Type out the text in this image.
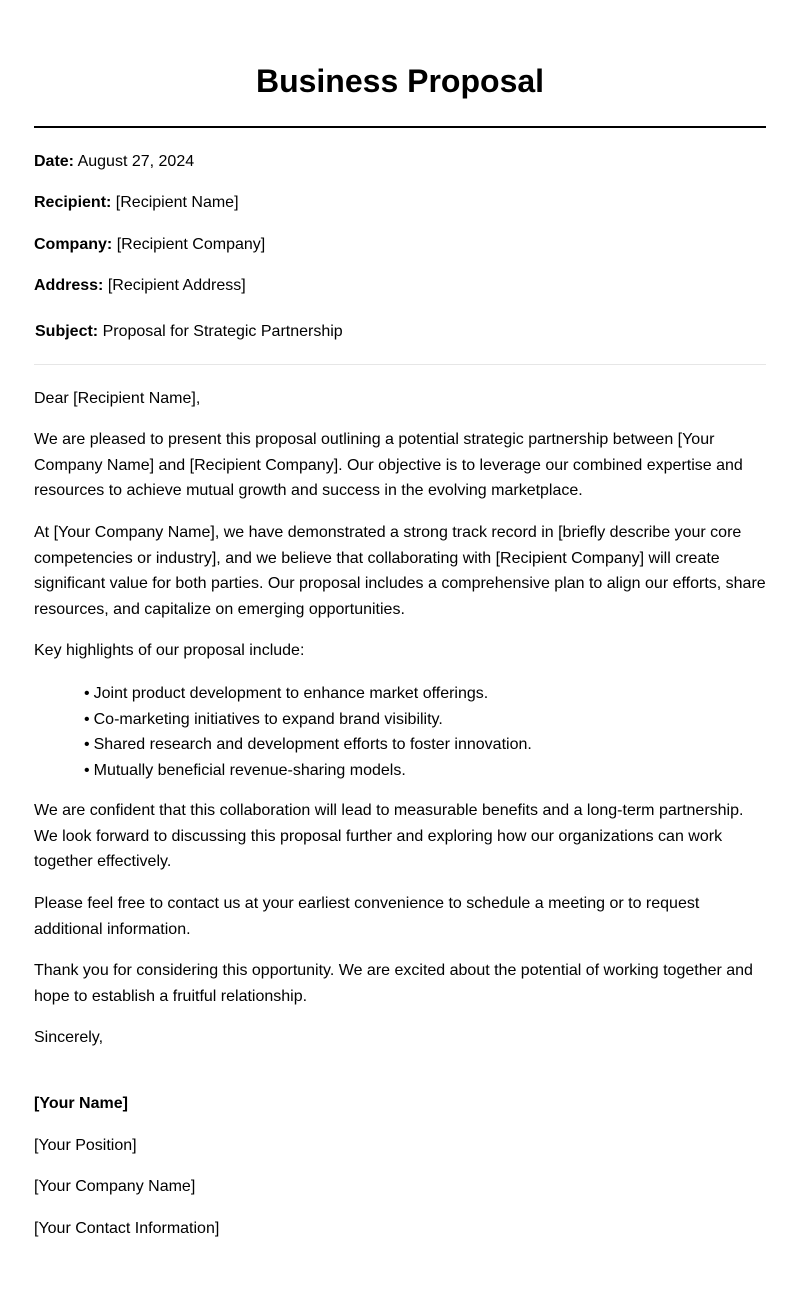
Business Proposal
Date: August 27, 2024
Recipient: [Recipient Name]
Company: [Recipient Company]
Address: [Recipient Address]
Subject: Proposal for Strategic Partnership

Dear [Recipient Name],

We are pleased to present this proposal outlining a potential strategic partnership between [Your Company Name] and [Recipient Company]. Our objective is to leverage our combined expertise and resources to achieve mutual growth and success in the evolving marketplace.

At [Your Company Name], we have demonstrated a strong track record in [briefly describe your core competencies or industry], and we believe that collaborating with [Recipient Company] will create significant value for both parties. Our proposal includes a comprehensive plan to align our efforts, share resources, and capitalize on emerging opportunities.

Key highlights of our proposal include:

• Joint product development to enhance market offerings.
• Co-marketing initiatives to expand brand visibility.
• Shared research and development efforts to foster innovation.
• Mutually beneficial revenue-sharing models.

We are confident that this collaboration will lead to measurable benefits and a long-term partnership. We look forward to discussing this proposal further and exploring how our organizations can work together effectively.

Please feel free to contact us at your earliest convenience to schedule a meeting or to request additional information.

Thank you for considering this opportunity. We are excited about the potential of working together and hope to establish a fruitful relationship.

Sincerely,

[Your Name]

[Your Position]

[Your Company Name]

[Your Contact Information]
